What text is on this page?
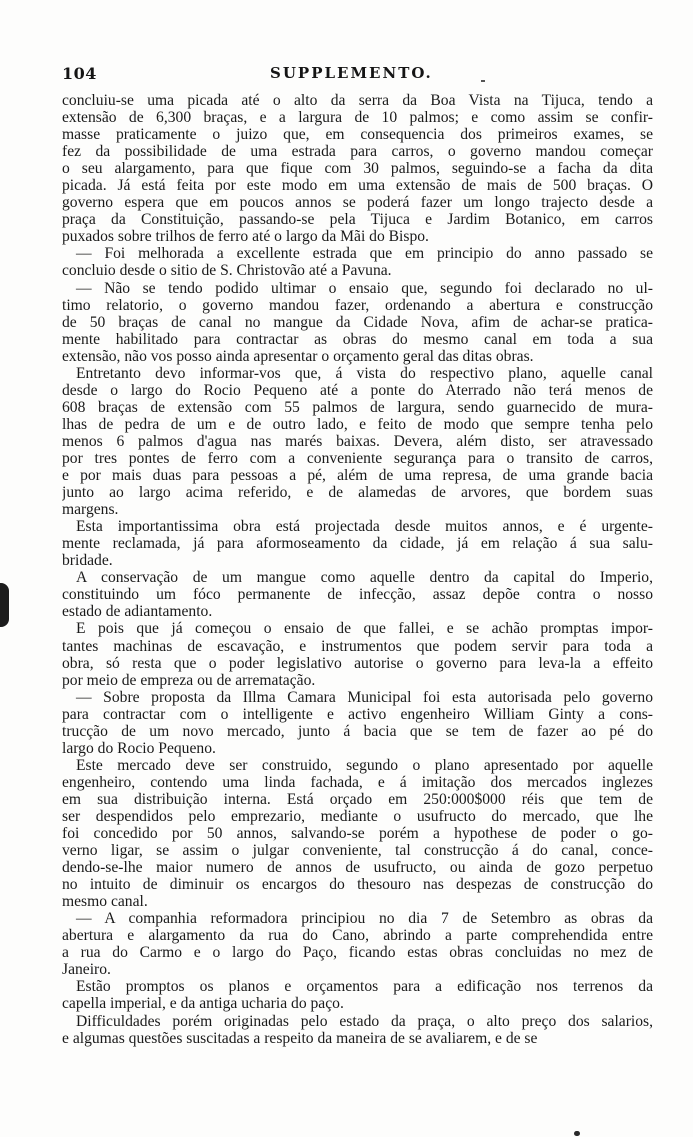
104	SUPPLEMENTO.
concluiu-se uma picada até o alto da serra da Boa Vista na Tijuca, tendo a
extensão de 6,300 braças, e a largura de 10 palmos; e como assim se confir-
masse praticamente o juizo que, em consequencia dos primeiros exames, se
fez da possibilidade de uma estrada para carros, o governo mandou começar
o seu alargamento, para que fique com 30 palmos, seguindo-se a facha da dita
picada. Já está feita por este modo em uma extensão de mais de 500 braças. O
governo espera que em poucos annos se poderá fazer um longo trajecto desde a
praça da Constituição, passando-se pela Tijuca e Jardim Botanico, em carros
puxados sobre trilhos de ferro até o largo da Mãi do Bispo.
— Foi melhorada a excellente estrada que em principio do anno passado se
concluio desde o sitio de S. Christovão até a Pavuna.
— Não se tendo podido ultimar o ensaio que, segundo foi declarado no ul-
timo relatorio, o governo mandou fazer, ordenando a abertura e construcção
de 50 braças de canal no mangue da Cidade Nova, afim de achar-se pratica-
mente habilitado para contractar as obras do mesmo canal em toda a sua
extensão, não vos posso ainda apresentar o orçamento geral das ditas obras.
Entretanto devo informar-vos que, á vista do respectivo plano, aquelle canal
desde o largo do Rocio Pequeno até a ponte do Aterrado não terá menos de
608 braças de extensão com 55 palmos de largura, sendo guarnecido de mura-
lhas de pedra de um e de outro lado, e feito de modo que sempre tenha pelo
menos 6 palmos d'agua nas marés baixas. Devera, além disto, ser atravessado
por tres pontes de ferro com a conveniente segurança para o transito de carros,
e por mais duas para pessoas a pé, além de uma represa, de uma grande bacia
junto ao largo acima referido, e de alamedas de arvores, que bordem suas
margens.
Esta importantissima obra está projectada desde muitos annos, e é urgente-
mente reclamada, já para aformoseamento da cidade, já em relação á sua salu-
bridade.
A conservação de um mangue como aquelle dentro da capital do Imperio,
constituindo um fóco permanente de infecção, assaz depõe contra o nosso
estado de adiantamento.
E pois que já começou o ensaio de que fallei, e se achão promptas impor-
tantes machinas de escavação, e instrumentos que podem servir para toda a
obra, só resta que o poder legislativo autorise o governo para leva-la a effeito
por meio de empreza ou de arrematação.
— Sobre proposta da Illma Camara Municipal foi esta autorisada pelo governo
para contractar com o intelligente e activo engenheiro William Ginty a cons-
trucção de um novo mercado, junto á bacia que se tem de fazer ao pé do
largo do Rocio Pequeno.
Este mercado deve ser construido, segundo o plano apresentado por aquelle
engenheiro, contendo uma linda fachada, e á imitação dos mercados inglezes
em sua distribuição interna. Está orçado em 250:000$000 réis que tem de
ser despendidos pelo emprezario, mediante o usufructo do mercado, que lhe
foi concedido por 50 annos, salvando-se porém a hypothese de poder o go-
verno ligar, se assim o julgar conveniente, tal construcção á do canal, conce-
dendo-se-lhe maior numero de annos de usufructo, ou ainda de gozo perpetuo
no intuito de diminuir os encargos do thesouro nas despezas de construcção do
mesmo canal.
— A companhia reformadora principiou no dia 7 de Setembro as obras da
abertura e alargamento da rua do Cano, abrindo a parte comprehendida entre
a rua do Carmo e o largo do Paço, ficando estas obras concluidas no mez de
Janeiro.
Estão promptos os planos e orçamentos para a edificação nos terrenos da
capella imperial, e da antiga ucharia do paço.
Difficuldades porém originadas pelo estado da praça, o alto preço dos salarios,
e algumas questões suscitadas a respeito da maneira de se avaliarem, e de se
